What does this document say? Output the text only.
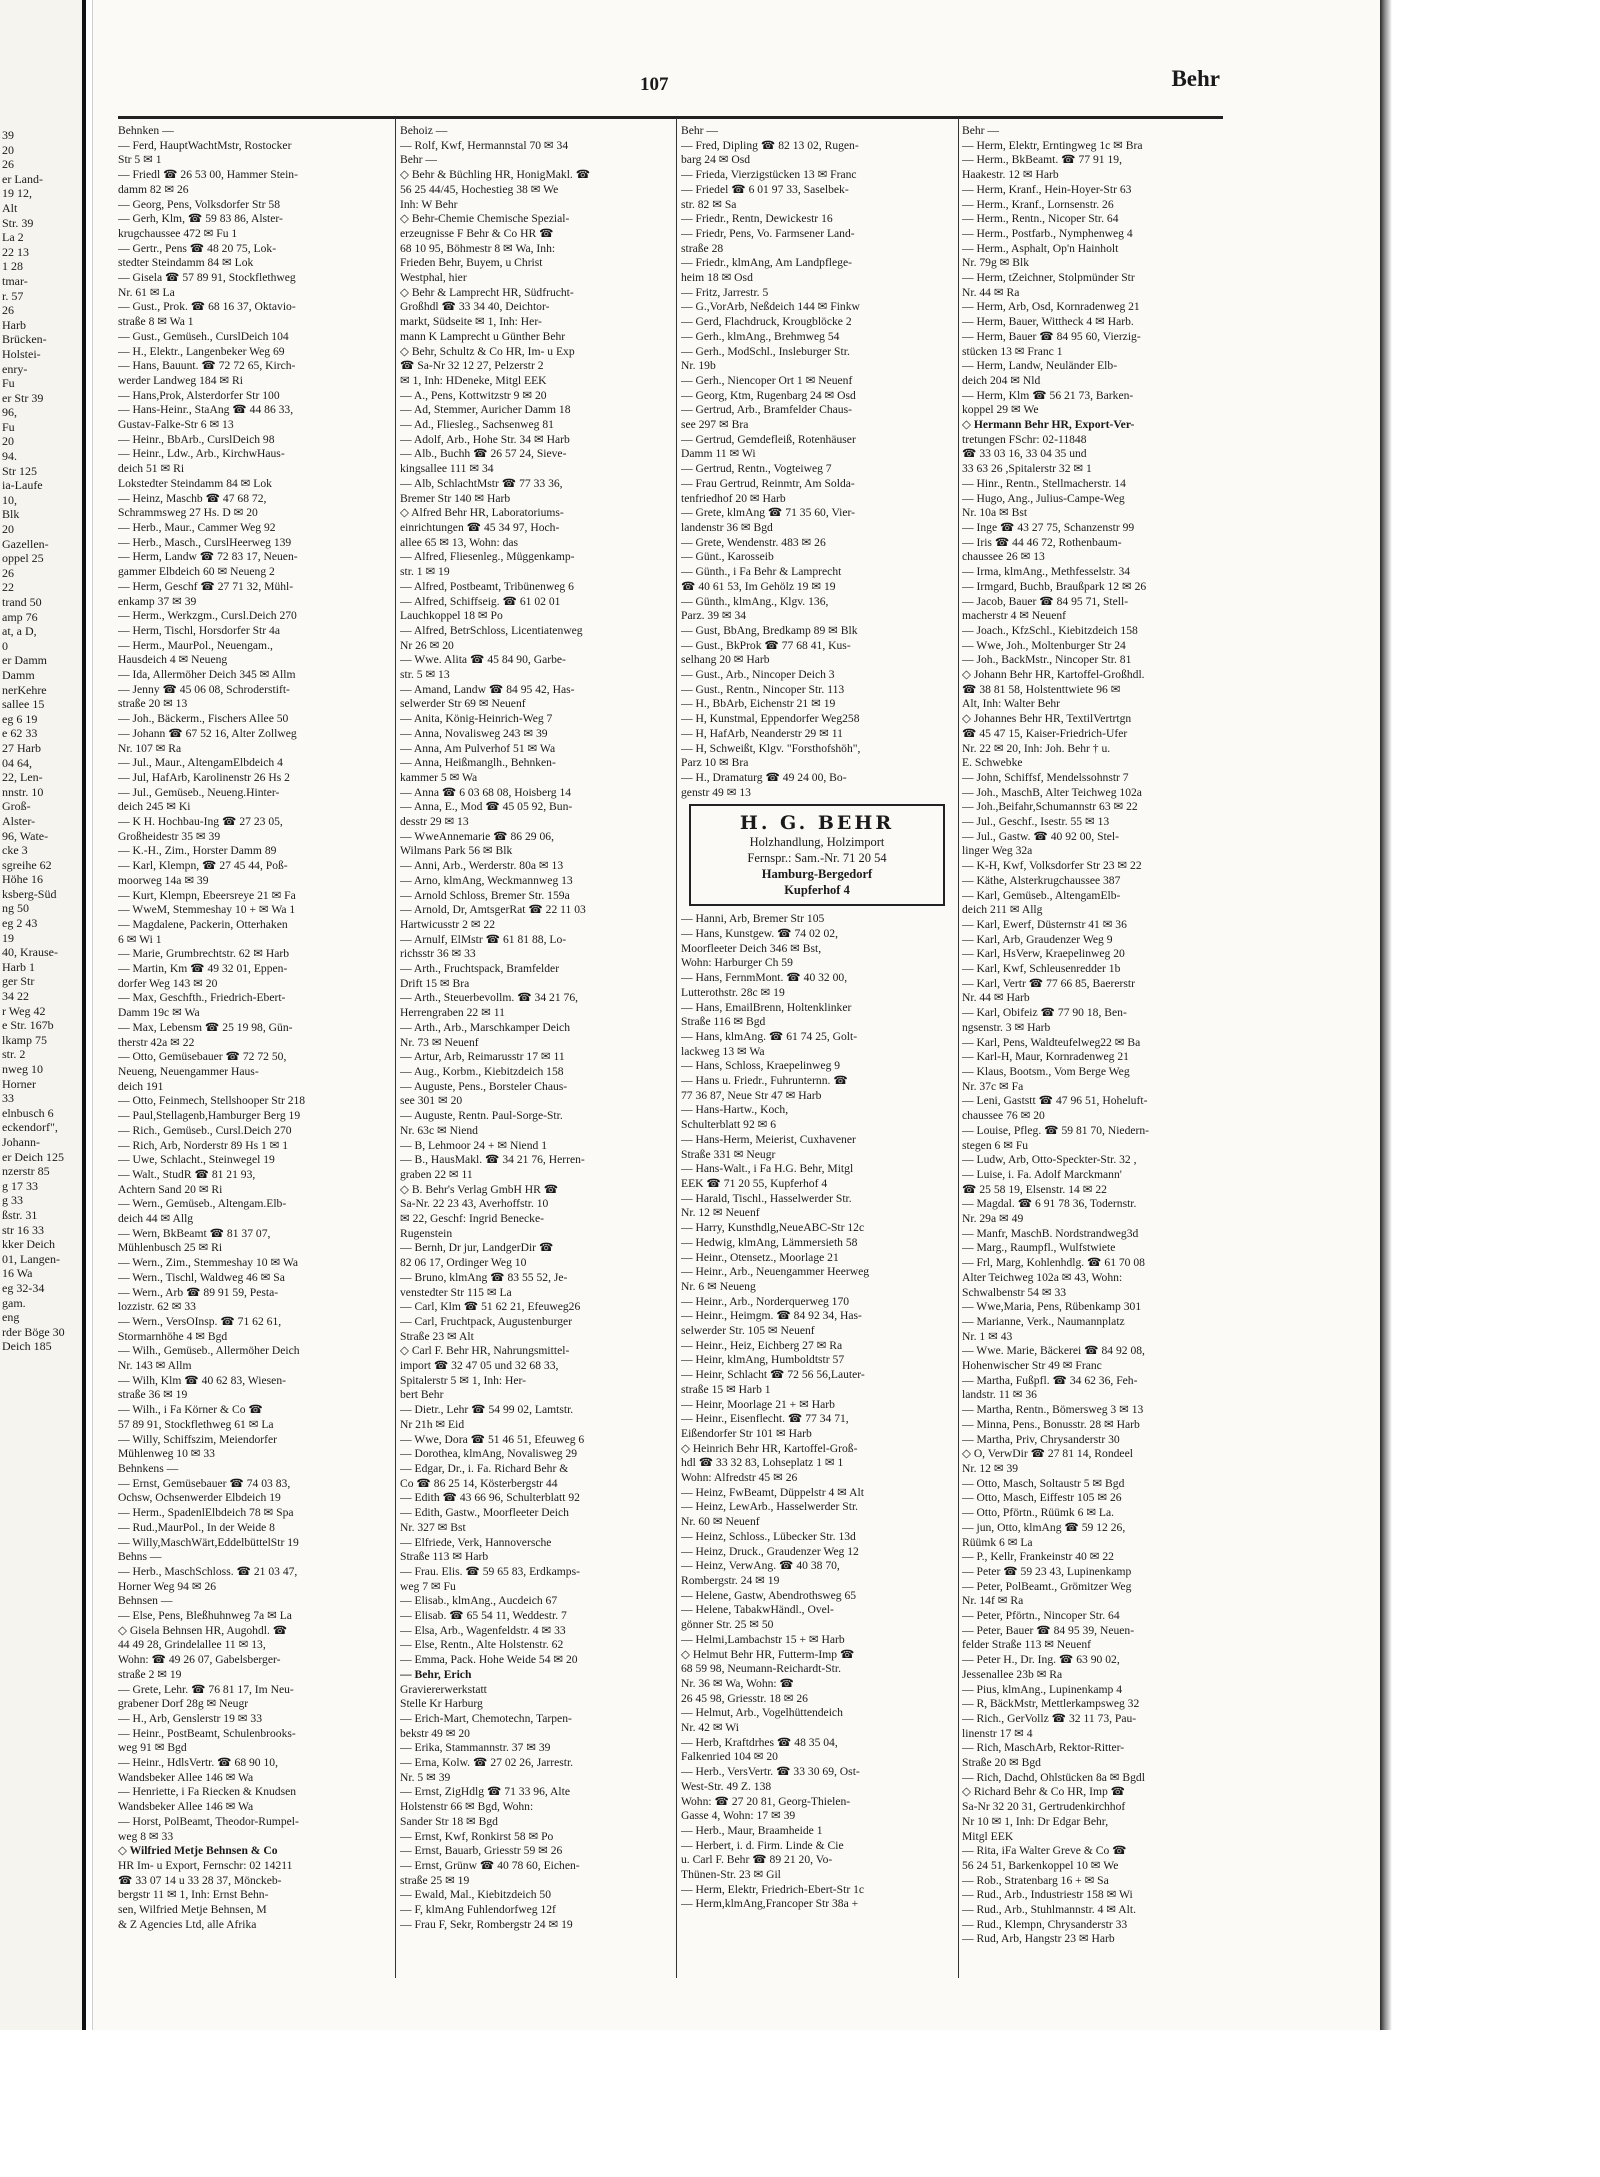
39
20
26
er Land-
19 12,
Alt
Str. 39
La 2
22 13
1 28
tmar-
r. 57
26
Harb
Brücken-
Holstei-
enry-
Fu
er Str 39
96,
Fu
20
94.
Str 125
ia-Laufe
10,
Blk
20
Gazellen-
oppel 25
26
22
trand 50
amp 76
at, a D,
0
er Damm
Damm
nerKehre
sallee 15
eg 6 19
e 62 33
27 Harb
04 64,
22, Len-
nnstr. 10
Groß-
Alster-
96, Wate-
cke 3
sgreihe 62
Höhe 16
ksberg-Süd
ng 50
eg 2 43
19
40, Krause-
Harb 1
ger Str
34 22
r Weg 42
e Str. 167b
lkamp 75
str. 2
nweg 10
Horner
33
elnbusch 6
eckendorf",
Johann-
er Deich 125
nzerstr 85
g 17 33
g 33
ßstr. 31
str 16 33
kker Deich
01, Langen-
16 Wa
eg 32-34
gam.
eng
rder Böge 30
Deich 185
107	Behr
Behnken —
— Ferd, HauptWachtMstr, Rostocker
Str 5 ✉ 1
— Friedl ☎ 26 53 00, Hammer Stein-
damm 82 ✉ 26
— Georg, Pens, Volksdorfer Str 58
— Gerh, Klm, ☎ 59 83 86, Alster-
krugchaussee 472 ✉ Fu 1
— Gertr., Pens ☎ 48 20 75, Lok-
stedter Steindamm 84 ✉ Lok
— Gisela ☎ 57 89 91, Stockflethweg
Nr. 61 ✉ La
— Gust., Prok. ☎ 68 16 37, Oktavio-
straße 8 ✉ Wa 1
— Gust., Gemüseh., CurslDeich 104
— H., Elektr., Langenbeker Weg 69
— Hans, Bauunt. ☎ 72 72 65, Kirch-
werder Landweg 184 ✉ Ri
— Hans,Prok, Alsterdorfer Str 100
— Hans-Heinr., StaAng ☎ 44 86 33,
Gustav-Falke-Str 6 ✉ 13
— Heinr., BbArb., CurslDeich 98
— Heinr., Ldw., Arb., KirchwHaus-
deich 51 ✉ Ri
Lokstedter Steindamm 84 ✉ Lok
— Heinz, Maschb ☎ 47 68 72,
Schrammsweg 27 Hs. D ✉ 20
— Herb., Maur., Cammer Weg 92
— Herb., Masch., CurslHeerweg 139
— Herm, Landw ☎ 72 83 17, Neuen-
gammer Elbdeich 60 ✉ Neueng 2
— Herm, Geschf ☎ 27 71 32, Mühl-
enkamp 37 ✉ 39
— Herm., Werkzgm., Cursl.Deich 270
— Herm, Tischl, Horsdorfer Str 4a
— Herm., MaurPol., Neuengam.,
Hausdeich 4 ✉ Neueng
— Ida, Allermöher Deich 345 ✉ Allm
— Jenny ☎ 45 06 08, Schroderstift-
straße 20 ✉ 13
— Joh., Bäckerm., Fischers Allee 50
— Johann ☎ 67 52 16, Alter Zollweg
Nr. 107 ✉ Ra
— Jul., Maur., AltengamElbdeich 4
— Jul, HafArb, Karolinenstr 26 Hs 2
— Jul., Gemüseb., Neueng.Hinter-
deich 245 ✉ Ki
— K H. Hochbau-Ing ☎ 27 23 05,
Großheidestr 35 ✉ 39
— K.-H., Zim., Horster Damm 89
— Karl, Klempn, ☎ 27 45 44, Poß-
moorweg 14a ✉ 39
— Kurt, Klempn, Ebeersreye 21 ✉ Fa
— WweM, Stemmeshay 10 + ✉ Wa 1
— Magdalene, Packerin, Otterhaken
6 ✉ Wi 1
— Marie, Grumbrechtstr. 62 ✉ Harb
— Martin, Km ☎ 49 32 01, Eppen-
dorfer Weg 143 ✉ 20
— Max, Geschfth., Friedrich-Ebert-
Damm 19c ✉ Wa
— Max, Lebensm ☎ 25 19 98, Gün-
therstr 42a ✉ 22
— Otto, Gemüsebauer ☎ 72 72 50,
Neueng, Neuengammer Haus-
deich 191
— Otto, Feinmech, Stellshooper Str 218
— Paul,Stellagenb,Hamburger Berg 19
— Rich., Gemüseb., Cursl.Deich 270
— Rich, Arb, Norderstr 89 Hs 1 ✉ 1
— Uwe, Schlacht., Steinwegel 19
— Walt., StudR ☎ 81 21 93,
Achtern Sand 20 ✉ Ri
— Wern., Gemüseb., Altengam.Elb-
deich 44 ✉ Allg
— Wern, BkBeamt ☎ 81 37 07,
Mühlenbusch 25 ✉ Ri
— Wern., Zim., Stemmeshay 10 ✉ Wa
— Wern., Tischl, Waldweg 46 ✉ Sa
— Wern., Arb ☎ 89 91 59, Pesta-
lozzistr. 62 ✉ 33
— Wern., VersOInsp. ☎ 71 62 61,
Stormarnhöhe 4 ✉ Bgd
— Wilh., Gemüseb., Allermöher Deich
Nr. 143 ✉ Allm
— Wilh, Klm ☎ 40 62 83, Wiesen-
straße 36 ✉ 19
— Wilh., i Fa Körner & Co ☎
57 89 91, Stockflethweg 61 ✉ La
— Willy, Schiffszim, Meiendorfer
Mühlenweg 10 ✉ 33
Behnkens —
— Ernst, Gemüsebauer ☎ 74 03 83,
Ochsw, Ochsenwerder Elbdeich 19
— Herm., SpadenlElbdeich 78 ✉ Spa
— Rud.,MaurPol., In der Weide 8
— Willy,MaschWärt,EddelbüttelStr 19
Behns —
— Herb., MaschSchloss. ☎ 21 03 47,
Horner Weg 94 ✉ 26
Behnsen —
— Else, Pens, Bleßhuhnweg 7a ✉ La
◇ Gisela Behnsen HR, Augohdl. ☎
44 49 28, Grindelallee 11 ✉ 13,
Wohn: ☎ 49 26 07, Gabelsberger-
straße 2 ✉ 19
— Grete, Lehr. ☎ 76 81 17, Im Neu-
grabener Dorf 28g ✉ Neugr
— H., Arb, Genslerstr 19 ✉ 33
— Heinr., PostBeamt, Schulenbrooks-
weg 91 ✉ Bgd
— Heinr., HdlsVertr. ☎ 68 90 10,
Wandsbeker Allee 146 ✉ Wa
— Henriette, i Fa Riecken & Knudsen
Wandsbeker Allee 146 ✉ Wa
— Horst, PolBeamt, Theodor-Rumpel-
weg 8 ✉ 33
◇ Wilfried Metje Behnsen & Co
HR Im- u Export, Fernschr: 02 14211
☎ 33 07 14 u 33 28 37, Mönckeb-
bergstr 11 ✉ 1, Inh: Ernst Behn-
sen, Wilfried Metje Behnsen, M
& Z Agencies Ltd, alle Afrika
Behoiz —
— Rolf, Kwf, Hermannstal 70 ✉ 34
Behr —
◇ Behr & Büchling HR, HonigMakl. ☎
56 25 44/45, Hochestieg 38 ✉ We
Inh: W Behr
◇ Behr-Chemie Chemische Spezial-
erzeugnisse F Behr & Co HR ☎
68 10 95, Böhmestr 8 ✉ Wa, Inh:
Frieden Behr, Buyem, u Christ
Westphal, hier
◇ Behr & Lamprecht HR, Südfrucht-
Großhdl ☎ 33 34 40, Deichtor-
markt, Südseite ✉ 1, Inh: Her-
mann K Lamprecht u Günther Behr
◇ Behr, Schultz & Co HR, Im- u Exp
☎ Sa-Nr 32 12 27, Pelzerstr 2
✉ 1, Inh: HDeneke, Mitgl EEK
— A., Pens, Kottwitzstr 9 ✉ 20
— Ad, Stemmer, Auricher Damm 18
— Ad., Fliesleg., Sachsenweg 81
— Adolf, Arb., Hohe Str. 34 ✉ Harb
— Alb., Buchh ☎ 26 57 24, Sieve-
kingsallee 111 ✉ 34
— Alb, SchlachtMstr ☎ 77 33 36,
Bremer Str 140 ✉ Harb
◇ Alfred Behr HR, Laboratoriums-
einrichtungen ☎ 45 34 97, Hoch-
allee 65 ✉ 13, Wohn: das
— Alfred, Fliesenleg., Müggenkamp-
str. 1 ✉ 19
— Alfred, Postbeamt, Tribünenweg 6
— Alfred, Schiffseig. ☎ 61 02 01
Lauchkoppel 18 ✉ Po
— Alfred, BetrSchloss, Licentiatenweg
Nr 26 ✉ 20
— Wwe. Alita ☎ 45 84 90, Garbe-
str. 5 ✉ 13
— Amand, Landw ☎ 84 95 42, Has-
selwerder Str 69 ✉ Neuenf
— Anita, König-Heinrich-Weg 7
— Anna, Novalisweg 243 ✉ 39
— Anna, Am Pulverhof 51 ✉ Wa
— Anna, Heißmanglh., Behnken-
kammer 5 ✉ Wa
— Anna ☎ 6 03 68 08, Hoisberg 14
— Anna, E., Mod ☎ 45 05 92, Bun-
desstr 29 ✉ 13
— WweAnnemarie ☎ 86 29 06,
Wilmans Park 56 ✉ Blk
— Anni, Arb., Werderstr. 80a ✉ 13
— Arno, klmAng, Weckmannweg 13
— Arnold Schloss, Bremer Str. 159a
— Arnold, Dr, AmtsgerRat ☎ 22 11 03
Hartwicusstr 2 ✉ 22
— Arnulf, ElMstr ☎ 61 81 88, Lo-
richsstr 36 ✉ 33
— Arth., Fruchtspack, Bramfelder
Drift 15 ✉ Bra
— Arth., Steuerbevollm. ☎ 34 21 76,
Herrengraben 22 ✉ 11
— Arth., Arb., Marschkamper Deich
Nr. 73 ✉ Neuenf
— Artur, Arb, Reimarusstr 17 ✉ 11
— Aug., Korbm., Kiebitzdeich 158
— Auguste, Pens., Borsteler Chaus-
see 301 ✉ 20
— Auguste, Rentn. Paul-Sorge-Str.
Nr. 63c ✉ Niend
— B, Lehmoor 24 + ✉ Niend 1
— B., HausMakl. ☎ 34 21 76, Herren-
graben 22 ✉ 11
◇ B. Behr's Verlag GmbH HR ☎
Sa-Nr. 22 23 43, Averhoffstr. 10
✉ 22, Geschf: Ingrid Benecke-
Rugenstein
— Bernh, Dr jur, LandgerDir ☎
82 06 17, Ordinger Weg 10
— Bruno, klmAng ☎ 83 55 52, Je-
venstedter Str 115 ✉ La
— Carl, Klm ☎ 51 62 21, Efeuweg26
— Carl, Fruchtpack, Augustenburger
Straße 23 ✉ Alt
◇ Carl F. Behr HR, Nahrungsmittel-
import ☎ 32 47 05 und 32 68 33,
Spitalerstr 5 ✉ 1, Inh: Her-
bert Behr
— Dietr., Lehr ☎ 54 99 02, Lamtstr.
Nr 21h ✉ Eid
— Wwe, Dora ☎ 51 46 51, Efeuweg 6
— Dorothea, klmAng, Novalisweg 29
— Edgar, Dr., i. Fa. Richard Behr &
Co ☎ 86 25 14, Kösterbergstr 44
— Edith ☎ 43 66 96, Schulterblatt 92
— Edith, Gastw., Moorfleeter Deich
Nr. 327 ✉ Bst
— Elfriede, Verk, Hannoversche
Straße 113 ✉ Harb
— Frau. Elis. ☎ 59 65 83, Erdkamps-
weg 7 ✉ Fu
— Elisab., klmAng., Aucdeich 67
— Elisab. ☎ 65 54 11, Weddestr. 7
— Elsa, Arb., Wagenfeldstr. 4 ✉ 33
— Else, Rentn., Alte Holstenstr. 62
— Emma, Pack. Hohe Weide 54 ✉ 20
— Behr, Erich
Graviererwerkstatt
Stelle Kr Harburg
— Erich-Mart, Chemotechn, Tarpen-
bekstr 49 ✉ 20
— Erika, Stammannstr. 37 ✉ 39
— Erna, Kolw. ☎ 27 02 26, Jarrestr.
Nr. 5 ✉ 39
— Ernst, ZigHdlg ☎ 71 33 96, Alte
Holstenstr 66 ✉ Bgd, Wohn:
Sander Str 18 ✉ Bgd
— Ernst, Kwf, Ronkirst 58 ✉ Po
— Ernst, Bauarb, Griesstr 59 ✉ 26
— Ernst, Grünw ☎ 40 78 60, Eichen-
straße 25 ✉ 19
— Ewald, Mal., Kiebitzdeich 50
— F, klmAng Fuhlendorfweg 12f
— Frau F, Sekr, Rombergstr 24 ✉ 19
Behr —
— Fred, Dipling ☎ 82 13 02, Rugen-
barg 24 ✉ Osd
— Frieda, Vierzigstücken 13 ✉ Franc
— Friedel ☎ 6 01 97 33, Saselbek-
str. 82 ✉ Sa
— Friedr., Rentn, Dewickestr 16
— Friedr, Pens, Vo. Farmsener Land-
straße 28
— Friedr., klmAng, Am Landpflege-
heim 18 ✉ Osd
— Fritz, Jarrestr. 5
— G.,VorArb, Neßdeich 144 ✉ Finkw
— Gerd, Flachdruck, Krougblöcke 2
— Gerh., klmAng., Brehmweg 54
— Gerh., ModSchl., Insleburger Str.
Nr. 19b
— Gerh., Niencoper Ort 1 ✉ Neuenf
— Georg, Ktm, Rugenbarg 24 ✉ Osd
— Gertrud, Arb., Bramfelder Chaus-
see 297 ✉ Bra
— Gertrud, Gemdefleiß, Rotenhäuser
Damm 11 ✉ Wi
— Gertrud, Rentn., Vogteiweg 7
— Frau Gertrud, Reinmtr, Am Solda-
tenfriedhof 20 ✉ Harb
— Grete, klmAng ☎ 71 35 60, Vier-
landenstr 36 ✉ Bgd
— Grete, Wendenstr. 483 ✉ 26
— Günt., Karosseib
— Günth., i Fa Behr & Lamprecht
☎ 40 61 53, Im Gehölz 19 ✉ 19
— Günth., klmAng., Klgv. 136,
Parz. 39 ✉ 34
— Gust, BbAng, Bredkamp 89 ✉ Blk
— Gust., BkProk ☎ 77 68 41, Kus-
selhang 20 ✉ Harb
— Gust., Arb., Nincoper Deich 3
— Gust., Rentn., Nincoper Str. 113
— H., BbArb, Eichenstr 21 ✉ 19
— H, Kunstmal, Eppendorfer Weg258
— H, HafArb, Neanderstr 29 ✉ 11
— H, Schweißt, Klgv. "Forsthofshöh",
Parz 10 ✉ Bra
— H., Dramaturg ☎ 49 24 00, Bo-
genstr 49 ✉ 13
H. G. BEHR
Holzhandlung, Holzimport
Fernspr.: Sam.-Nr. 71 20 54
Hamburg-Bergedorf
Kupferhof 4
— Hanni, Arb, Bremer Str 105
— Hans, Kunstgew. ☎ 74 02 02,
Moorfleeter Deich 346 ✉ Bst,
Wohn: Harburger Ch 59
— Hans, FernmMont. ☎ 40 32 00,
Lutterothstr. 28c ✉ 19
— Hans, EmailBrenn, Holtenklinker
Straße 116 ✉ Bgd
— Hans, klmAng. ☎ 61 74 25, Golt-
lackweg 13 ✉ Wa
— Hans, Schloss, Kraepelinweg 9
— Hans u. Friedr., Fuhrunternn. ☎
77 36 87, Neue Str 47 ✉ Harb
— Hans-Hartw., Koch,
Schulterblatt 92 ✉ 6
— Hans-Herm, Meierist, Cuxhavener
Straße 331 ✉ Neugr
— Hans-Walt., i Fa H.G. Behr, Mitgl
EEK ☎ 71 20 55, Kupferhof 4
— Harald, Tischl., Hasselwerder Str.
Nr. 12 ✉ Neuenf
— Harry, Kunsthdlg,NeueABC-Str 12c
— Hedwig, klmAng, Lämmersieth 58
— Heinr., Otensetz., Moorlage 21
— Heinr., Arb., Neuengammer Heerweg
Nr. 6 ✉ Neueng
— Heinr., Arb., Norderquerweg 170
— Heinr., Heimgm. ☎ 84 92 34, Has-
selwerder Str. 105 ✉ Neuenf
— Heinr., Heiz, Eichberg 27 ✉ Ra
— Heinr, klmAng, Humboldtstr 57
— Heinr, Schlacht ☎ 72 56 56,Lauter-
straße 15 ✉ Harb 1
— Heinr, Moorlage 21 + ✉ Harb
— Heinr., Eisenflecht. ☎ 77 34 71,
Eißendorfer Str 101 ✉ Harb
◇ Heinrich Behr HR, Kartoffel-Groß-
hdl ☎ 33 32 83, Lohseplatz 1 ✉ 1
Wohn: Alfredstr 45 ✉ 26
— Heinz, FwBeamt, Düppelstr 4 ✉ Alt
— Heinz, LewArb., Hasselwerder Str.
Nr. 60 ✉ Neuenf
— Heinz, Schloss., Lübecker Str. 13d
— Heinz, Druck., Graudenzer Weg 12
— Heinz, VerwAng. ☎ 40 38 70,
Rombergstr. 24 ✉ 19
— Helene, Gastw, Abendrothsweg 65
— Helene, TabakwHändl., Ovel-
gönner Str. 25 ✉ 50
— Helmi,Lambachstr 15 + ✉ Harb
◇ Helmut Behr HR, Futterm-Imp ☎
68 59 98, Neumann-Reichardt-Str.
Nr. 36 ✉ Wa, Wohn: ☎
26 45 98, Griesstr. 18 ✉ 26
— Helmut, Arb., Vogelhüttendeich
Nr. 42 ✉ Wi
— Herb, Kraftdrhes ☎ 48 35 04,
Falkenried 104 ✉ 20
— Herb., VersVertr. ☎ 33 30 69, Ost-
West-Str. 49 Z. 138
Wohn: ☎ 27 20 81, Georg-Thielen-
Gasse 4, Wohn: 17 ✉ 39
— Herb., Maur, Braamheide 1
— Herbert, i. d. Firm. Linde & Cie
u. Carl F. Behr ☎ 89 21 20, Vo-
Thünen-Str. 23 ✉ Gil
— Herm, Elektr, Friedrich-Ebert-Str 1c
— Herm,klmAng,Francoper Str 38a +
Behr —
— Herm, Elektr, Erntingweg 1c ✉ Bra
— Herm., BkBeamt. ☎ 77 91 19,
Haakestr. 12 ✉ Harb
— Herm, Kranf., Hein-Hoyer-Str 63
— Herm., Kranf., Lornsenstr. 26
— Herm., Rentn., Nicoper Str. 64
— Herm., Postfarb., Nymphenweg 4
— Herm., Asphalt, Op'n Hainholt
Nr. 79g ✉ Blk
— Herm, tZeichner, Stolpmünder Str
Nr. 44 ✉ Ra
— Herm, Arb, Osd, Kornradenweg 21
— Herm, Bauer, Wittheck 4 ✉ Harb.
— Herm, Bauer ☎ 84 95 60, Vierzig-
stücken 13 ✉ Franc 1
— Herm, Landw, Neuländer Elb-
deich 204 ✉ Nld
— Herm, Klm ☎ 56 21 73, Barken-
koppel 29 ✉ We
◇ Hermann Behr HR, Export-Ver-
tretungen FSchr: 02-11848
☎ 33 03 16, 33 04 35 und
33 63 26 ,Spitalerstr 32 ✉ 1
— Hinr., Rentn., Stellmacherstr. 14
— Hugo, Ang., Julius-Campe-Weg
Nr. 10a ✉ Bst
— Inge ☎ 43 27 75, Schanzenstr 99
— Iris ☎ 44 46 72, Rothenbaum-
chaussee 26 ✉ 13
— Irma, klmAng., Methfesselstr. 34
— Irmgard, Buchb, Braußpark 12 ✉ 26
— Jacob, Bauer ☎ 84 95 71, Stell-
macherstr 4 ✉ Neuenf
— Joach., KfzSchl., Kiebitzdeich 158
— Wwe, Joh., Moltenburger Str 24
— Joh., BackMstr., Nincoper Str. 81
◇ Johann Behr HR, Kartoffel-Großhdl.
☎ 38 81 58, Holstenttwiete 96 ✉
Alt, Inh: Walter Behr
◇ Johannes Behr HR, TextilVertrtgn
☎ 45 47 15, Kaiser-Friedrich-Ufer
Nr. 22 ✉ 20, Inh: Joh. Behr † u.
E. Schwebke
— John, Schiffsf, Mendelssohnstr 7
— Joh., MaschB, Alter Teichweg 102a
— Joh.,Beifahr,Schumannstr 63 ✉ 22
— Jul., Geschf., Isestr. 55 ✉ 13
— Jul., Gastw. ☎ 40 92 00, Stel-
linger Weg 32a
— K-H, Kwf, Volksdorfer Str 23 ✉ 22
— Käthe, Alsterkrugchaussee 387
— Karl, Gemüseb., AltengamElb-
deich 211 ✉ Allg
— Karl, Ewerf, Düsternstr 41 ✉ 36
— Karl, Arb, Graudenzer Weg 9
— Karl, HsVerw, Kraepelinweg 20
— Karl, Kwf, Schleusenredder 1b
— Karl, Vertr ☎ 77 66 85, Baererstr
Nr. 44 ✉ Harb
— Karl, Obifeiz ☎ 77 90 18, Ben-
ngsenstr. 3 ✉ Harb
— Karl, Pens, Waldteufelweg22 ✉ Ba
— Karl-H, Maur, Kornradenweg 21
— Klaus, Bootsm., Vom Berge Weg
Nr. 37c ✉ Fa
— Leni, Gaststt ☎ 47 96 51, Hoheluft-
chaussee 76 ✉ 20
— Louise, Pfleg. ☎ 59 81 70, Niedern-
stegen 6 ✉ Fu
— Ludw, Arb, Otto-Speckter-Str. 32 ,
— Luise, i. Fa. Adolf Marckmann'
☎ 25 58 19, Elsenstr. 14 ✉ 22
— Magdal. ☎ 6 91 78 36, Todernstr.
Nr. 29a ✉ 49
— Manfr, MaschB. Nordstrandweg3d
— Marg., Raumpfl., Wulfstwiete
— Frl, Marg, Kohlenhdlg. ☎ 61 70 08
Alter Teichweg 102a ✉ 43, Wohn:
Schwalbenstr 54 ✉ 33
— Wwe,Maria, Pens, Rübenkamp 301
— Marianne, Verk., Naumannplatz
Nr. 1 ✉ 43
— Wwe. Marie, Bäckerei ☎ 84 92 08,
Hohenwischer Str 49 ✉ Franc
— Martha, Fußpfl. ☎ 34 62 36, Feh-
landstr. 11 ✉ 36
— Martha, Rentn., Bömersweg 3 ✉ 13
— Minna, Pens., Bonusstr. 28 ✉ Harb
— Martha, Priv, Chrysanderstr 30
◇ O, VerwDir ☎ 27 81 14, Rondeel
Nr. 12 ✉ 39
— Otto, Masch, Soltaustr 5 ✉ Bgd
— Otto, Masch, Eiffestr 105 ✉ 26
— Otto, Pförtn., Rüümk 6 ✉ La.
— jun, Otto, klmAng ☎ 59 12 26,
Rüümk 6 ✉ La
— P., Kellr, Frankeinstr 40 ✉ 22
— Peter ☎ 59 23 43, Lupinenkamp
— Peter, PolBeamt., Grömitzer Weg
Nr. 14f ✉ Ra
— Peter, Pförtn., Nincoper Str. 64
— Peter, Bauer ☎ 84 95 39, Neuen-
felder Straße 113 ✉ Neuenf
— Peter H., Dr. Ing. ☎ 63 90 02,
Jessenallee 23b ✉ Ra
— Pius, klmAng., Lupinenkamp 4
— R, BäckMstr, Mettlerkampsweg 32
— Rich., GerVollz ☎ 32 11 73, Pau-
linenstr 17 ✉ 4
— Rich, MaschArb, Rektor-Ritter-
Straße 20 ✉ Bgd
— Rich, Dachd, Ohlstücken 8a ✉ Bgdl
◇ Richard Behr & Co HR, Imp ☎
Sa-Nr 32 20 31, Gertrudenkirchhof
Nr 10 ✉ 1, Inh: Dr Edgar Behr,
Mitgl EEK
— Rita, iFa Walter Greve & Co ☎
56 24 51, Barkenkoppel 10 ✉ We
— Rob., Stratenbarg 16 + ✉ Sa
— Rud., Arb., Industriestr 158 ✉ Wi
— Rud., Arb., Stuhlmannstr. 4 ✉ Alt.
— Rud., Klempn, Chrysanderstr 33
— Rud, Arb, Hangstr 23 ✉ Harb
